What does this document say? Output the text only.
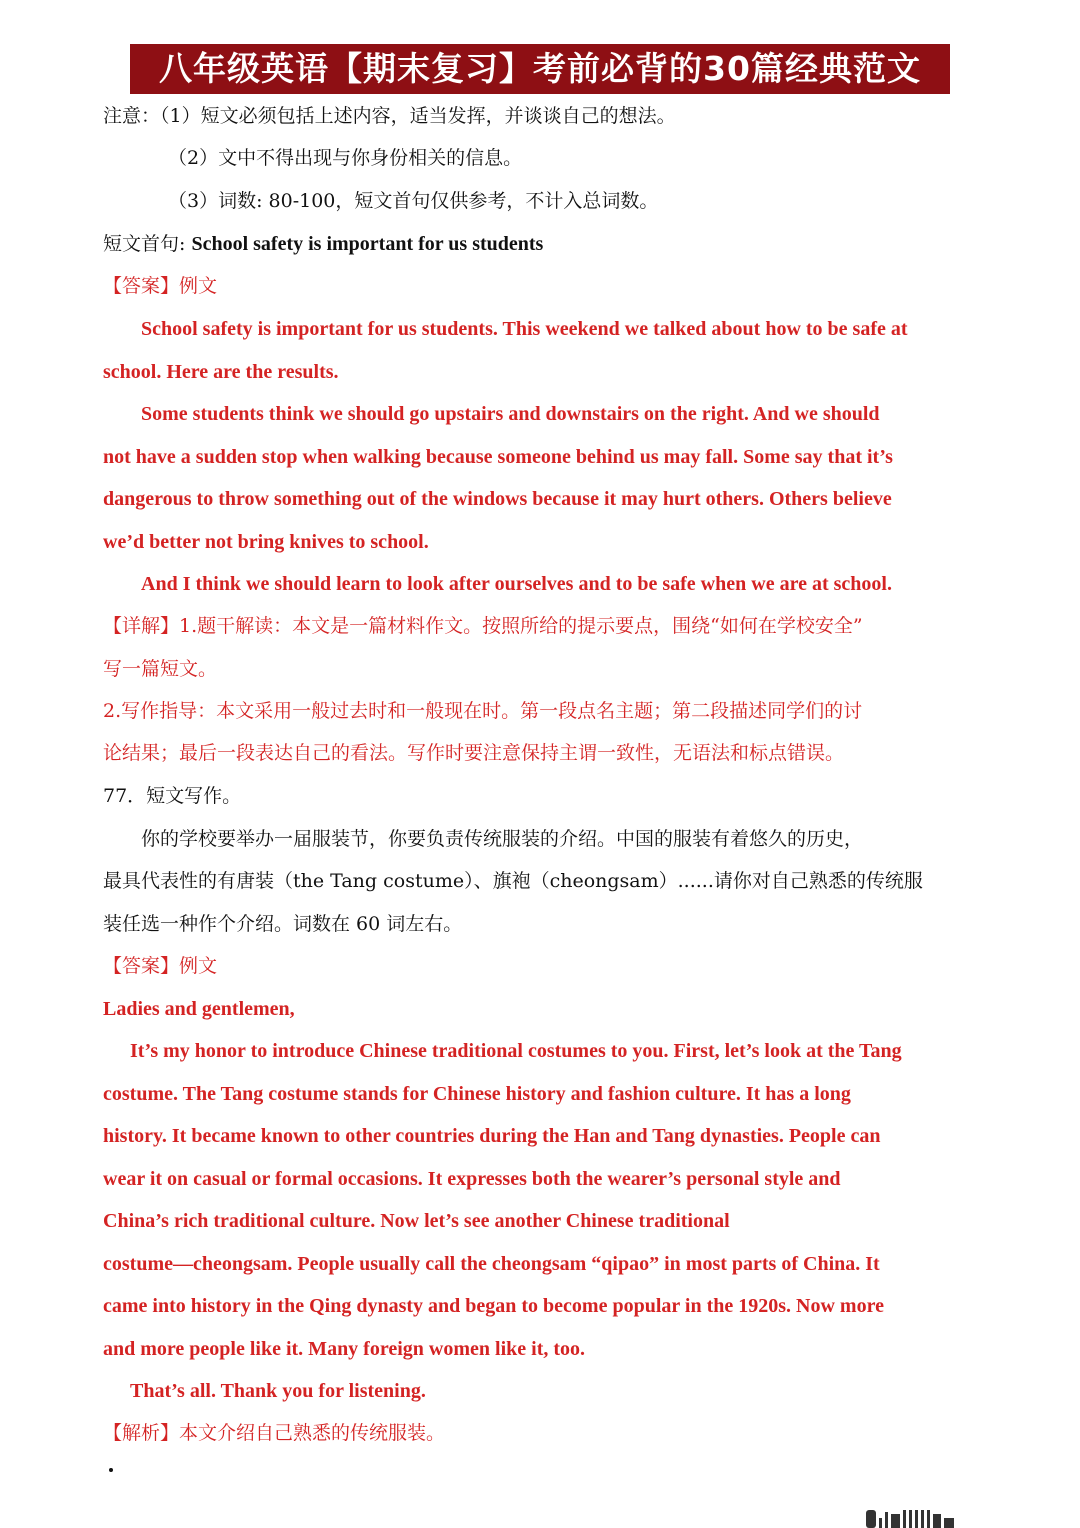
八年级英语【期末复习】考前必背的30篇经典范文
注意：（1）短文必须包括上述内容，适当发挥，并谈谈自己的想法。
（2）文中不得出现与你身份相关的信息。
（3）词数: 80-100，短文首句仅供参考，不计入总词数。
短文首句: School safety is important for us students
【答案】例文
School safety is important for us students. This weekend we talked about how to be safe at
school. Here are the results.
Some students think we should go upstairs and downstairs on the right. And we should
not have a sudden stop when walking because someone behind us may fall. Some say that it’s
dangerous to throw something out of the windows because it may hurt others. Others believe
we’d better not bring knives to school.
And I think we should learn to look after ourselves and to be safe when we are at school.
【详解】1.题干解读：本文是一篇材料作文。按照所给的提示要点，围绕“如何在学校安全”
写一篇短文。
2.写作指导：本文采用一般过去时和一般现在时。第一段点名主题；第二段描述同学们的讨
论结果；最后一段表达自己的看法。写作时要注意保持主谓一致性，无语法和标点错误。
77．短文写作。
你的学校要举办一届服装节，你要负责传统服装的介绍。中国的服装有着悠久的历史，
最具代表性的有唐装（the Tang costume）、旗袍（cheongsam）......请你对自己熟悉的传统服
装任选一种作个介绍。词数在 60 词左右。
【答案】例文
Ladies and gentlemen,
It’s my honor to introduce Chinese traditional costumes to you. First, let’s look at the Tang
costume. The Tang costume stands for Chinese history and fashion culture. It has a long
history. It became known to other countries during the Han and Tang dynasties. People can
wear it on casual or formal occasions. It expresses both the wearer’s personal style and
China’s rich traditional culture. Now let’s see another Chinese traditional
costume—cheongsam. People usually call the cheongsam “qipao” in most parts of China. It
came into history in the Qing dynasty and began to become popular in the 1920s. Now more
and more people like it. Many foreign women like it, too.
That’s all. Thank you for listening.
【解析】本文介绍自己熟悉的传统服装。
